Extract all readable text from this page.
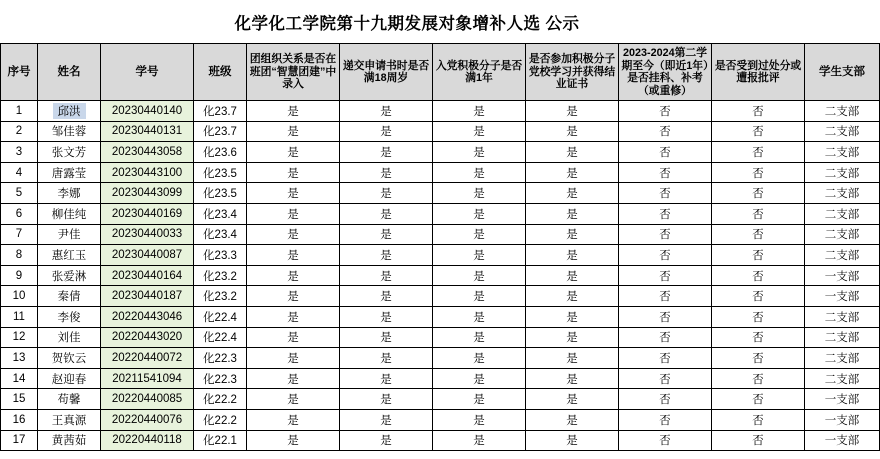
化学化工学院第十九期发展对象增补人选 公示
序号	姓名	学号	班级	团组织关系是否在班团“智慧团建”中录入	递交申请书时是否满18周岁	入党积极分子是否满1年	是否参加积极分子党校学习并获得结业证书	2023-2024第二学期至今（即近1年）是否挂科、补考（或重修）	是否受到过处分或遭报批评	学生支部
1	邱洪	20230440140	化23.7	是	是	是	是	否	否	二支部
2	邹佳蓉	20230440131	化23.7	是	是	是	是	否	否	二支部
3	张文芳	20230443058	化23.6	是	是	是	是	否	否	二支部
4	唐露莹	20230443100	化23.5	是	是	是	是	否	否	二支部
5	李娜	20230443099	化23.5	是	是	是	是	否	否	二支部
6	柳佳纯	20230440169	化23.4	是	是	是	是	否	否	二支部
7	尹佳	20230440033	化23.4	是	是	是	是	否	否	二支部
8	惠红玉	20230440087	化23.3	是	是	是	是	否	否	二支部
9	张爱淋	20230440164	化23.2	是	是	是	是	否	否	一支部
10	秦倩	20230440187	化23.2	是	是	是	是	否	否	一支部
11	李俊	20220443046	化22.4	是	是	是	是	否	否	二支部
12	刘佳	20220443020	化22.4	是	是	是	是	否	否	二支部
13	贺钦云	20220440072	化22.3	是	是	是	是	否	否	二支部
14	赵迎春	20211541094	化22.3	是	是	是	是	否	否	二支部
15	苟馨	20220440085	化22.2	是	是	是	是	否	否	一支部
16	王真源	20220440076	化22.2	是	是	是	是	否	否	一支部
17	黄茜茹	20220440118	化22.1	是	是	是	是	否	否	一支部
